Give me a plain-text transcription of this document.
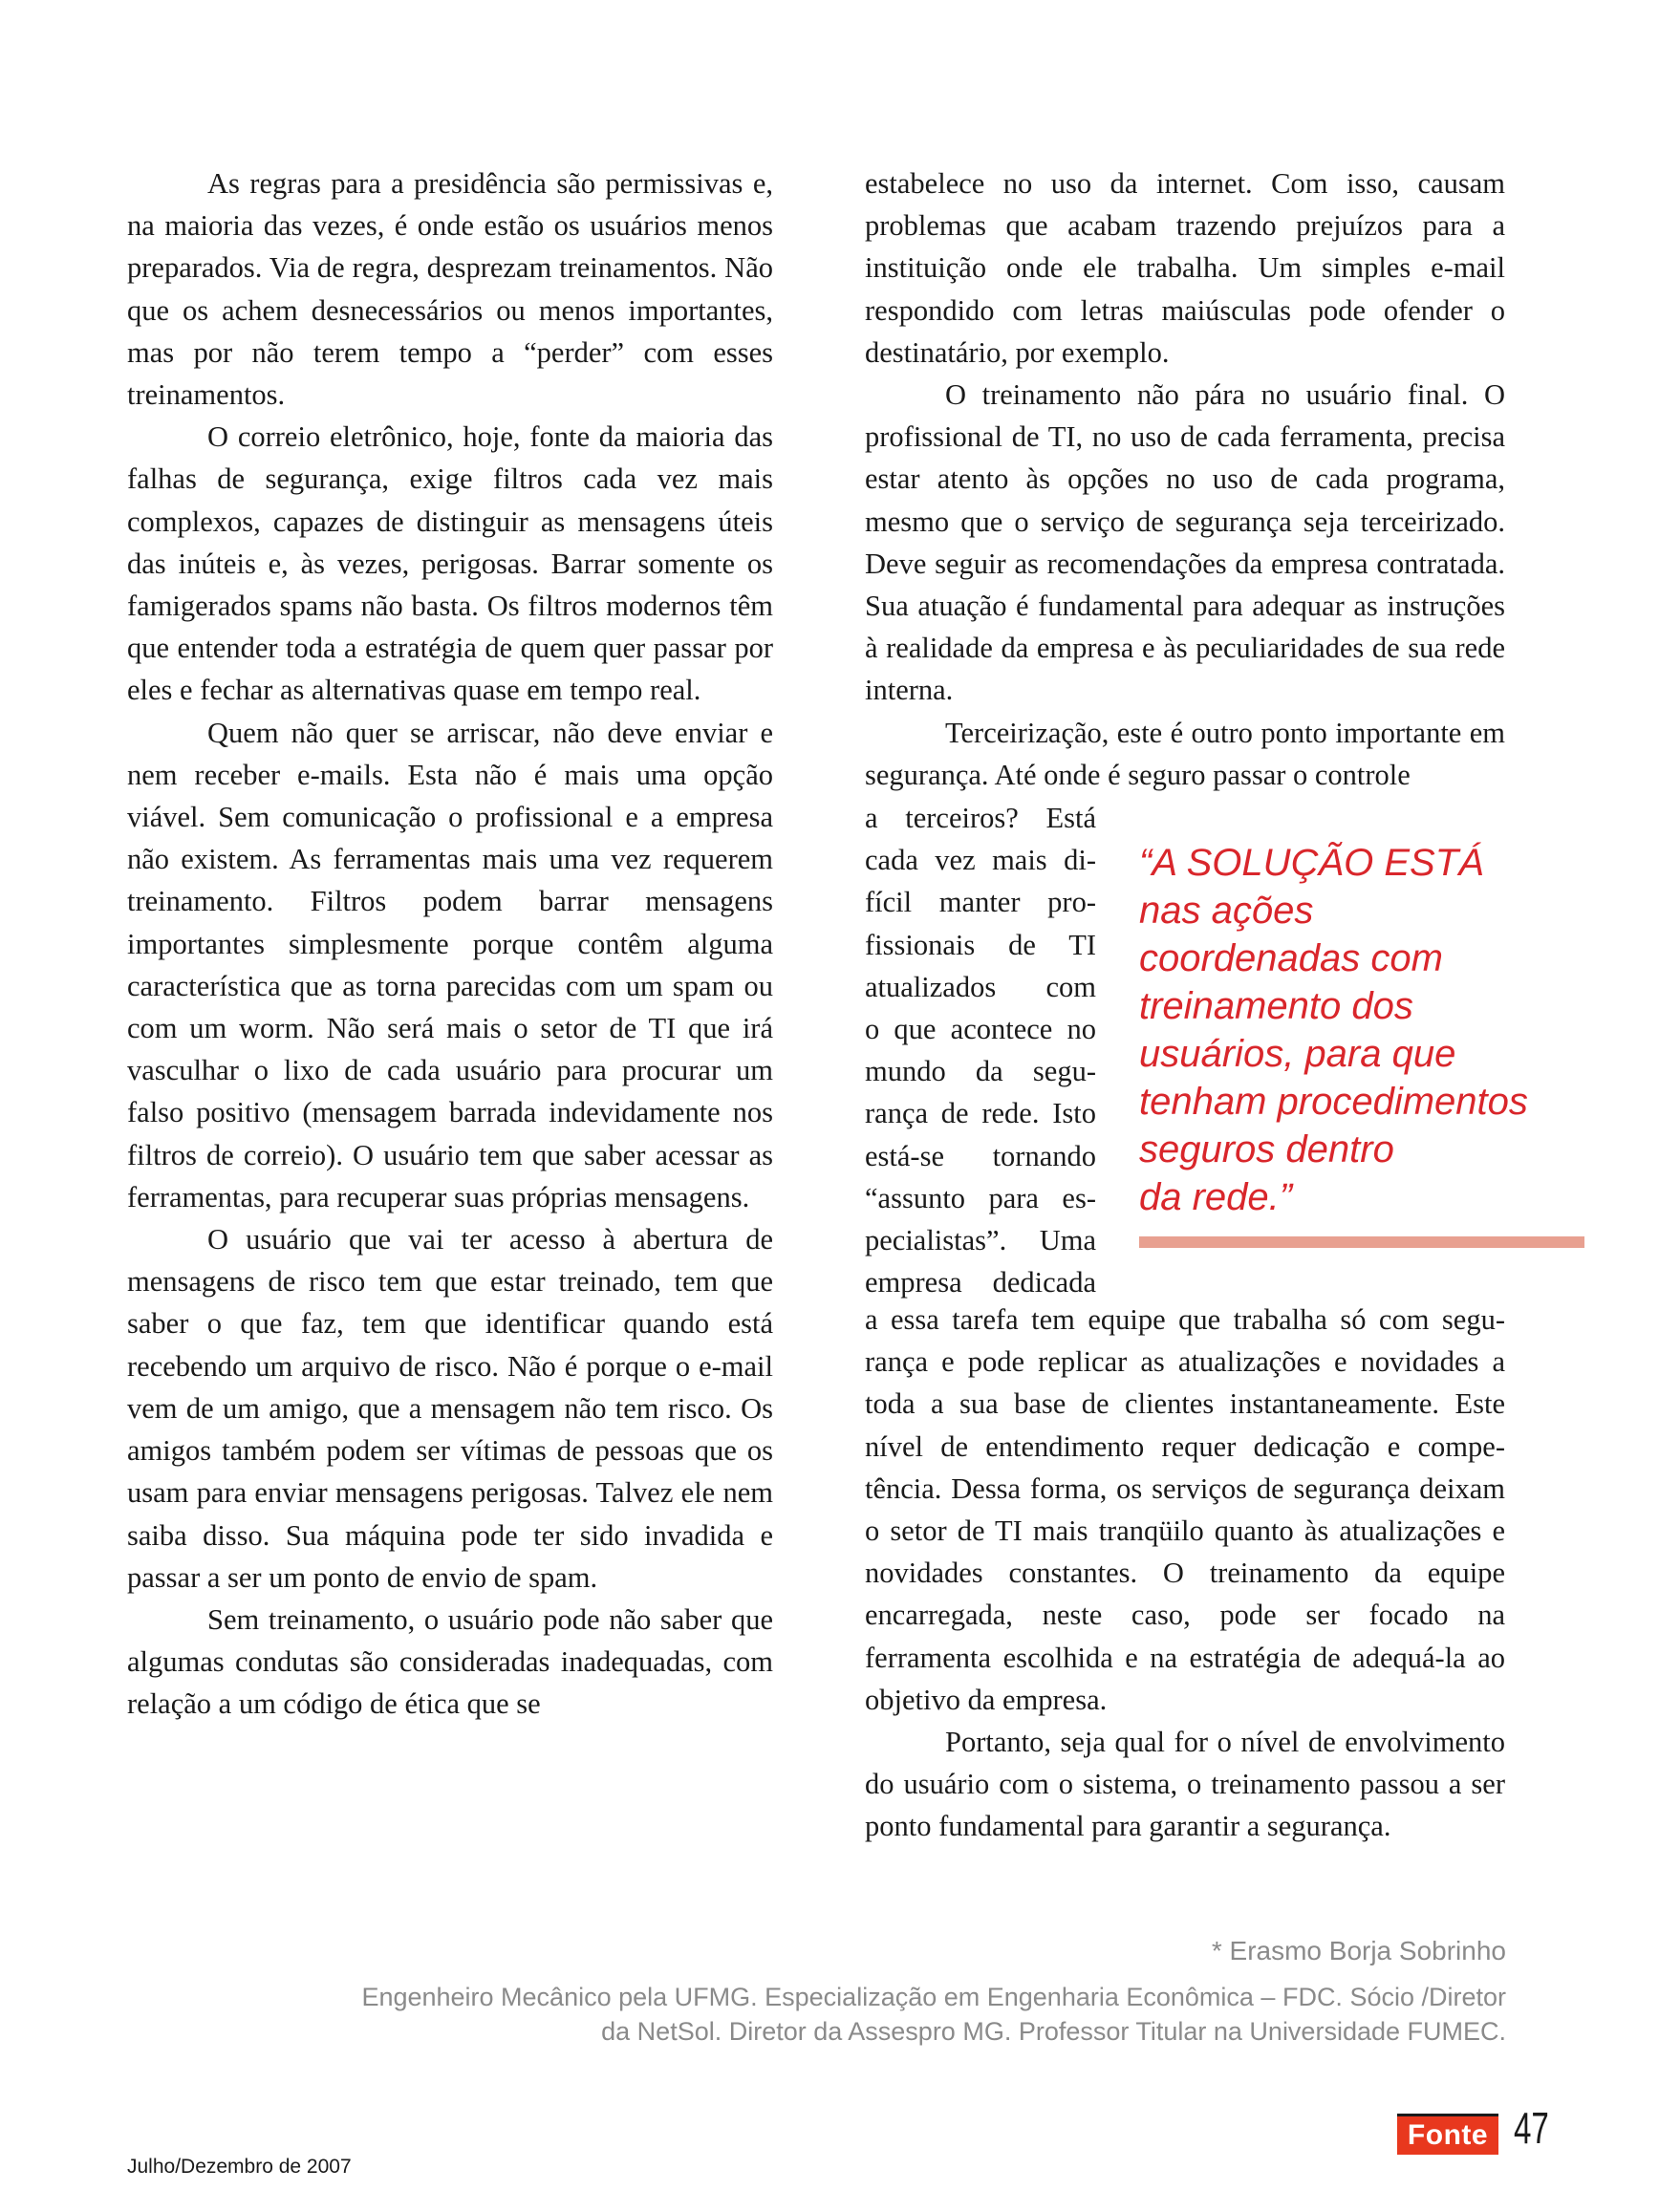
As regras para a presidência são permissivas e, na maioria das vezes, é onde estão os usuários menos preparados. Via de regra, desprezam treinamentos. Não que os achem desnecessários ou menos importantes, mas por não terem tempo a “perder” com esses treinamentos.

O correio eletrônico, hoje, fonte da maioria das falhas de segurança, exige filtros cada vez mais complexos, capazes de distinguir as mensagens úteis das inúteis e, às vezes, perigosas. Barrar somente os famigerados spams não basta. Os filtros modernos têm que entender toda a estratégia de quem quer passar por eles e fechar as alternativas quase em tempo real.

Quem não quer se arriscar, não deve enviar e nem receber e-mails. Esta não é mais uma opção viável. Sem comunicação o profissional e a empresa não existem. As ferramentas mais uma vez requerem treinamento. Filtros podem barrar mensagens importantes simplesmente porque contêm alguma característica que as torna parecidas com um spam ou com um worm. Não será mais o setor de TI que irá vasculhar o lixo de cada usuário para procurar um falso positivo (mensagem barrada indevidamente nos filtros de correio). O usuário tem que saber acessar as ferramentas, para recuperar suas próprias mensagens.

O usuário que vai ter acesso à abertura de mensagens de risco tem que estar treinado, tem que saber o que faz, tem que identificar quando está recebendo um arquivo de risco. Não é porque o e-mail vem de um amigo, que a mensagem não tem risco. Os amigos também podem ser vítimas de pessoas que os usam para enviar mensagens perigosas. Talvez ele nem saiba disso. Sua máquina pode ter sido invadida e passar a ser um ponto de envio de spam.

Sem treinamento, o usuário pode não saber que algumas condutas são consideradas inadequadas, com relação a um código de ética que se

estabelece no uso da internet. Com isso, causam problemas que acabam trazendo prejuízos para a instituição onde ele trabalha. Um simples e-mail respondido com letras maiúsculas pode ofender o destinatário, por exemplo.

O treinamento não pára no usuário final. O profissional de TI, no uso de cada ferramenta, precisa estar atento às opções no uso de cada programa, mesmo que o serviço de segurança seja terceirizado. Deve seguir as recomendações da empresa contratada. Sua atuação é fundamental para adequar as instruções à realidade da empresa e às peculiaridades de sua rede interna.

Terceirização, este é outro ponto importante em segurança. Até onde é seguro passar o controle

a terceiros? Está
cada vez mais di-
fícil manter pro-
fissionais de TI
atualizados com
o que acontece no
mundo da segu-
rança de rede. Isto
está-se tornando
“assunto para es-
pecialistas”. Uma
empresa dedicada
“A SOLUÇÃO ESTÁ
nas ações
coordenadas com
treinamento dos
usuários, para que
tenham procedimentos
seguros dentro
da rede.”

a essa tarefa tem equipe que trabalha só com segurança e pode replicar as atualizações e novidades a toda a sua base de clientes instantaneamente. Este nível de entendimento requer dedicação e competência. Dessa forma, os serviços de segurança deixam o setor de TI mais tranqüilo quanto às atualizações e novidades constantes. O treinamento da equipe encarregada, neste caso, pode ser focado na ferramenta escolhida e na estratégia de adequá-la ao objetivo da empresa.

Portanto, seja qual for o nível de envolvimento do usuário com o sistema, o treinamento passou a ser ponto fundamental para garantir a segurança.

* Erasmo Borja Sobrinho
Engenheiro Mecânico pela UFMG. Especialização em Engenharia Econômica – FDC. Sócio /Diretor da NetSol. Diretor da Assespro MG. Professor Titular na Universidade FUMEC.
Julho/Dezembro de 2007
Fonte 47
